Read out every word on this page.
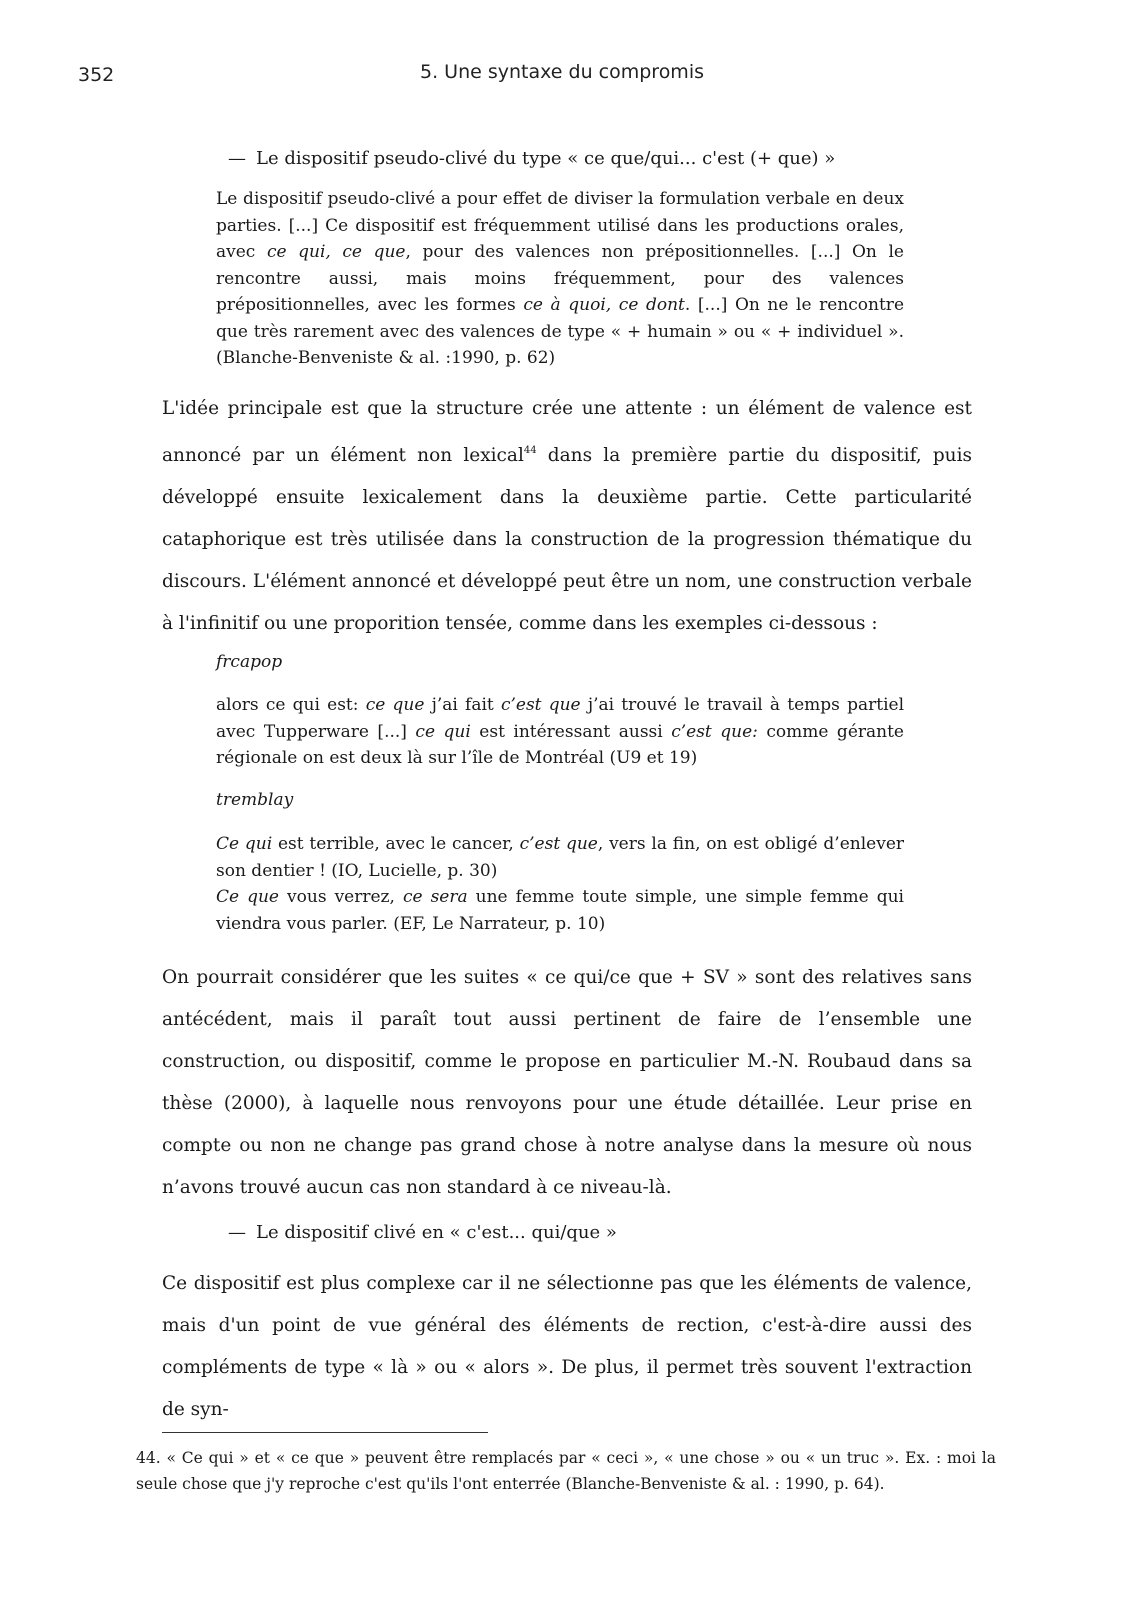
352	5. Une syntaxe du compromis
— Le dispositif pseudo-clivé du type « ce que/qui... c'est (+ que) »

Le dispositif pseudo-clivé a pour effet de diviser la formulation verbale en deux parties. [...] Ce dispositif est fréquemment utilisé dans les productions orales, avec ce qui, ce que, pour des valences non prépositionnelles. [...] On le rencontre aussi, mais moins fréquemment, pour des valences prépositionnelles, avec les formes ce à quoi, ce dont. [...] On ne le rencontre que très rarement avec des valences de type « + humain » ou « + individuel ». (Blanche-Benveniste & al. :1990, p. 62)

L'idée principale est que la structure crée une attente : un élément de valence est annoncé par un élément non lexical$^{44}$ dans la première partie du dispositif, puis développé ensuite lexicalement dans la deuxième partie. Cette particularité cataphorique est très utilisée dans la construction de la progression thématique du discours. L'élément annoncé et développé peut être un nom, une construction verbale à l'infinitif ou une proporition tensée, comme dans les exemples ci-dessous :

frcapop

alors ce qui est: ce que j’ai fait c’est que j’ai trouvé le travail à temps partiel avec Tupperware [...] ce qui est intéressant aussi c’est que: comme gérante régionale on est deux là sur l’île de Montréal (U9 et 19)

tremblay

Ce qui est terrible, avec le cancer, c’est que, vers la fin, on est obligé d’enlever son dentier ! (IO, Lucielle, p. 30)

Ce que vous verrez, ce sera une femme toute simple, une simple femme qui viendra vous parler. (EF, Le Narrateur, p. 10)

On pourrait considérer que les suites « ce qui/ce que + SV » sont des relatives sans antécédent, mais il paraît tout aussi pertinent de faire de l’ensemble une construction, ou dispositif, comme le propose en particulier M.-N. Roubaud dans sa thèse (2000), à laquelle nous renvoyons pour une étude détaillée. Leur prise en compte ou non ne change pas grand chose à notre analyse dans la mesure où nous n’avons trouvé aucun cas non standard à ce niveau-là.

— Le dispositif clivé en « c'est... qui/que »

Ce dispositif est plus complexe car il ne sélectionne pas que les éléments de valence, mais d'un point de vue général des éléments de rection, c'est-à-dire aussi des compléments de type « là » ou « alors ». De plus, il permet très souvent l'extraction de syn-

44. « Ce qui » et « ce que » peuvent être remplacés par « ceci », « une chose » ou « un truc ». Ex. : moi la seule chose que j'y reproche c'est qu'ils l'ont enterrée (Blanche-Benveniste & al. : 1990, p. 64).
